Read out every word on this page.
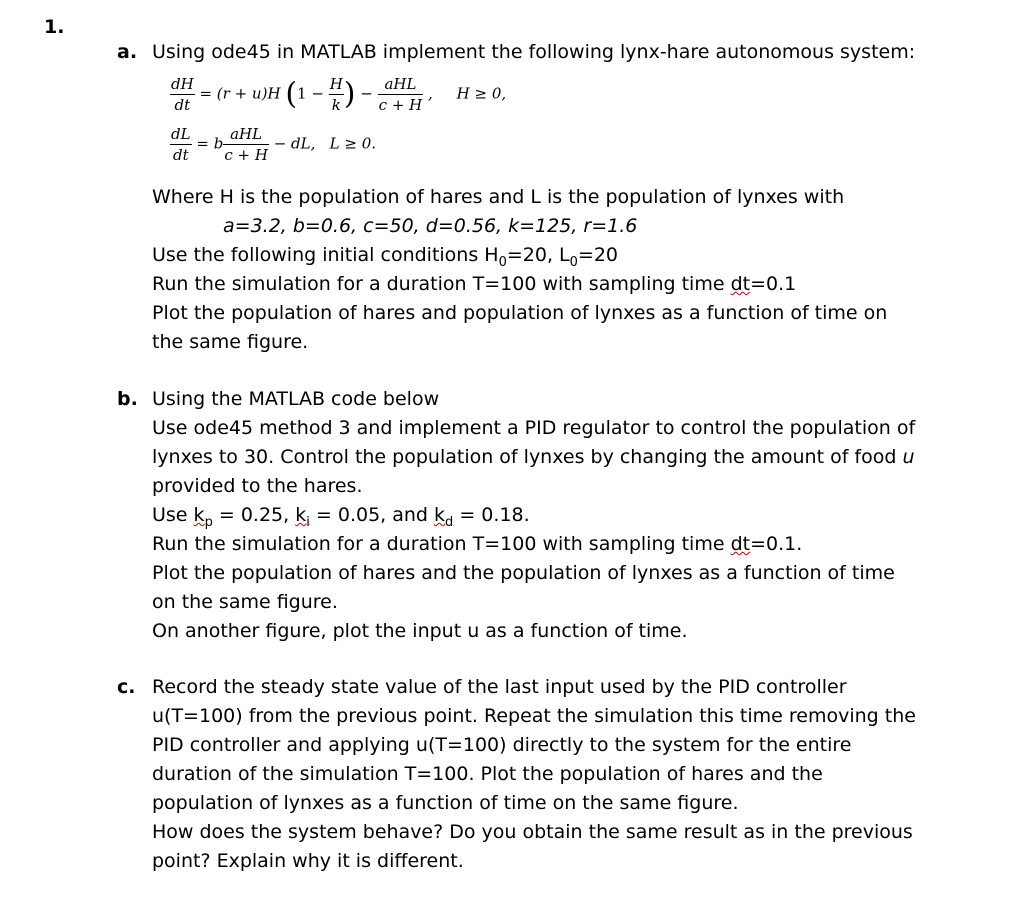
1.
a. Using ode45 in MATLAB implement the following lynx-hare autonomous system:
$\frac{dH}{dt} = (r + u)H$ ($1 - \frac{H}{k}$ ) − $\frac{\text{aHL}}{c + H}$ ,     H ≥ 0,
$\frac{dL}{dt} = b \frac{\text{aHL}}{c + H}$ − dL,   L ≥ 0.
Where H is the population of hares and L is the population of lynxes with
a=3.2, b=0.6, c=50, d=0.56, k=125, r=1.6
Use the following initial conditions $H_0=20$, $L_0=20$
Run the simulation for a duration T=100 with sampling time dt=0.1
Plot the population of hares and population of lynxes as a function of time on
the same figure.
b. Using the MATLAB code below
Use ode45 method 3 and implement a PID regulator to control the population of
lynxes to 30. Control the population of lynxes by changing the amount of food u
provided to the hares.
Use $k_p = 0.25$, $k_i = 0.05$, and $k_d = 0.18$.
Run the simulation for a duration T=100 with sampling time dt=0.1.
Plot the population of hares and the population of lynxes as a function of time
on the same figure.
On another figure, plot the input u as a function of time.
c. Record the steady state value of the last input used by the PID controller
u(T=100) from the previous point. Repeat the simulation this time removing the
PID controller and applying u(T=100) directly to the system for the entire
duration of the simulation T=100. Plot the population of hares and the
population of lynxes as a function of time on the same figure.
How does the system behave? Do you obtain the same result as in the previous
point? Explain why it is different.
